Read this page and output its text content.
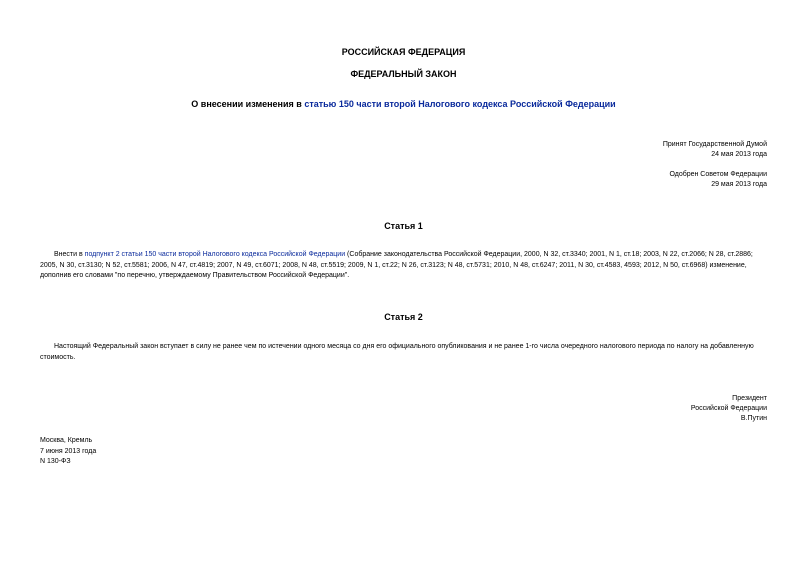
РОССИЙСКАЯ ФЕДЕРАЦИЯ
ФЕДЕРАЛЬНЫЙ ЗАКОН
О внесении изменения в статью 150 части второй Налогового кодекса Российской Федерации
Принят Государственной Думой
24 мая 2013 года
Одобрен Советом Федерации
29 мая 2013 года
Статья 1
Внести в подпункт 2 статьи 150 части второй Налогового кодекса Российской Федерации (Собрание законодательства Российской Федерации, 2000, N 32, ст.3340; 2001, N 1, ст.18; 2003, N 22, ст.2066; N 28, ст.2886; 2005, N 30, ст.3130; N 52, ст.5581; 2006, N 47, ст.4819; 2007, N 49, ст.6071; 2008, N 48, ст.5519; 2009, N 1, ст.22; N 26, ст.3123; N 48, ст.5731; 2010, N 48, ст.6247; 2011, N 30, ст.4583, 4593; 2012, N 50, ст.6968) изменение, дополнив его словами "по перечню, утверждаемому Правительством Российской Федерации".
Статья 2
Настоящий Федеральный закон вступает в силу не ранее чем по истечении одного месяца со дня его официального опубликования и не ранее 1-го числа очередного налогового периода по налогу на добавленную стоимость.
Президент
Российской Федерации
В.Путин
Москва, Кремль
7 июня 2013 года
N 130-ФЗ
